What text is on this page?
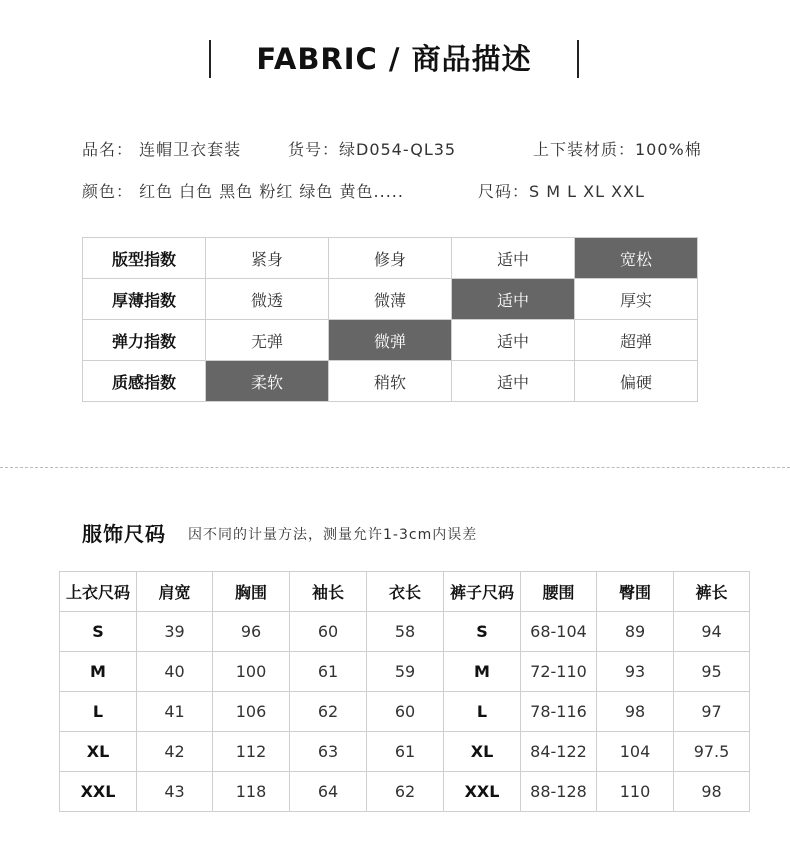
FABRIC / 商品描述
品名： 连帽卫衣套装	货号：绿D054-QL35	上下装材质：100%棉
颜色： 红色 白色 黑色 粉红 绿色 黄色.....	尺码：S M L XL XXL
版型指数	紧身	修身	适中	宽松
厚薄指数	微透	微薄	适中	厚实
弹力指数	无弹	微弹	适中	超弹
质感指数	柔软	稍软	适中	偏硬
服饰尺码 因不同的计量方法，测量允许1-3cm内误差
上衣尺码	肩宽	胸围	袖长	衣长	裤子尺码	腰围	臀围	裤长
S	39	96	60	58	S	68-104	89	94
M	40	100	61	59	M	72-110	93	95
L	41	106	62	60	L	78-116	98	97
XL	42	112	63	61	XL	84-122	104	97.5
XXL	43	118	64	62	XXL	88-128	110	98
